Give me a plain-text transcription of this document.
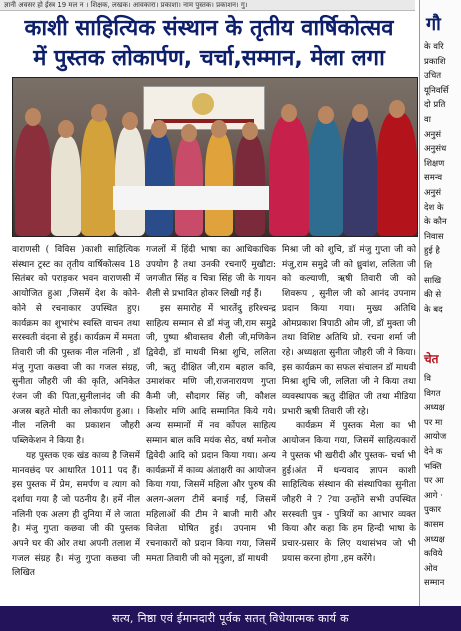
ज्ञानी अवसर हो ईस्त्र 19 मल न । शिक्षक, लखक। आवकारा। प्रकाशा। नाम पुस्तक। प्रकाशन। गु।
काशी साहित्यिक संस्थान के तृतीय वार्षिकोत्सव
में पुस्तक लोकार्पण, चर्चा,सम्मान, मेला लगा

वाराणसी ( विविस )काशी साहित्यिक संस्थान ट्रस्ट का तृतीय वार्षिकोत्सव 18 सितंबर को पराड़कर भवन वाराणसी में आयोजित हुआ ,जिसमें देश के कोने-कोने से रचनाकार उपस्थित हुए। कार्यक्रम का शुभारंभ स्वस्ति वाचन तथा सरस्वती वंदना से हुई। कार्यक्रम में ममता तिवारी जी की पुस्तक नील नलिनी , डॉ मंजु गुप्ता कछवा जी का गजल संग्रह, सुनीता जौहरी जी की कृति, अनिकेत रंजन जी की पिता,सुनीलानंद जी की अजस्र बहते मोती का लोकार्पण हुआ। । नील नलिनी का प्रकाशन जौहरी पब्लिकेशन ने किया है।

यह पुस्तक एक खंड काव्य है जिसमें मानवछंद पर आधारित 1011 पद हैं। इस पुस्तक में प्रेम, समर्पण व त्याग को दर्शाया गया है जो पठनीय है। हमें नील नलिनी एक अलग ही दुनिया में ले जाता है। मंजु गुप्ता कछवा जी की पुस्तक अपने घर की ओर तथा अपनी तलाश में गजल संग्रह है। मंजु गुप्ता कछवा जी लिखित

गजलों में हिंदी भाषा का आधिकाधिक उपयोग है तथा उनकी रचनाएँ मुखौटा: जगजीत सिंह व चित्रा सिंह जी के गायन शैली से प्रभावित होकर लिखी गई हैं।

इस समारोह में भारतेंदु हरिश्चन्द्र साहित्य सम्मान से डॉ मंजु जी,राम समुद्रे जी, पुष्पा श्रीवास्तव शैली जी,मणिकेन द्विवेदी, डॉ माधवी मिश्रा शुचि, ललिता जी, ऋतु दीक्षित जी,राम बहाल कवि, उमाशंकर मणि जी,राजनारायण गुप्ता कैमी जी, सौदागर सिंह जी, कौशल किशोर मणि आदि सम्मानित किये गये। अन्य सम्मानों में नव कोंपल साहित्य सम्मान बाल कवि मयंक सेठ, वर्षा मनोज द्विवेदी आदि को प्रदान किया गया। अन्य कार्यक्रमों में काव्य अंताक्षरी का आयोजन किया गया, जिसमें महिला और पुरुष की अलग-अलग टीमें बनाई गईं, जिसमें महिलाओं की टीम ने बाजी मारी और विजेता घोषित हुई। उपनाम भी रचनाकारों को प्रदान किया गया, जिसमें ममता तिवारी जी को मृदुला, डॉ माधवी

मिश्रा जी को शुचि, डॉ मंजु गुप्ता जी को मंजु,राम समुद्रे जी को ध्रुवांश, ललिता जी को कल्याणी, ऋषी तिवारी जी को शिवरूप , सुनील जी को आनंद उपनाम प्रदान किया गया। मुख्य अतिथि ओमप्रकाश त्रिपाठी ओम जी, डॉ मुक्ता जी तथा विशिष्ट अतिथि प्रो. रचना शर्मा जी रहे। अध्यक्षता सुनीता जौहरी जी ने किया।इस कार्यक्रम का सफल संचालन डॉ माधवी मिश्रा शुचि जी, ललिता जी ने किया तथा व्यवस्थापक ऋतु दीक्षित जी तथा मीडिया प्रभारी ऋषी तिवारी जी रहे।

कार्यक्रम में पुस्तक मेला का भी आयोजन किया गया, जिसमें साहित्यकारों ने पुस्तक भी खरीदी और पुस्तक- चर्चा भी हुई।अंत में धन्यवाद ज्ञापन काशी साहित्यिक संस्थान की संस्थापिका सुनीता जौहरी ने ? ?या उन्होंने सभी उपस्थित सरस्वती पुत्र - पुत्रियों का आभार व्यक्त किया और कहा कि हम हिन्दी भाषा के प्रचार-प्रसार के लिए यथासंभव जो भी प्रयास करना होगा ,हम करेंगे।

गौ
के वरि
प्रकाशि
उचित
यूनिवर्सि
दो प्रति
वा
अनुसं
अनुसंध
शिक्षण
समन्व
अनुसं
देश के
के कौन
निवास
हुई है
शि
साखि
की से
के बद
चेत
वि
विगत
अध्यक्ष
पर मा
आयोज
देने क
भक्ति
पर आ
आगे ·
पुकार
कासम
अध्यक्ष
कविये
ओव
सम्मान
सत्य, निष्ठा एवं ईमानदारी पूर्वक सतत् विधेयात्मक कार्य क
